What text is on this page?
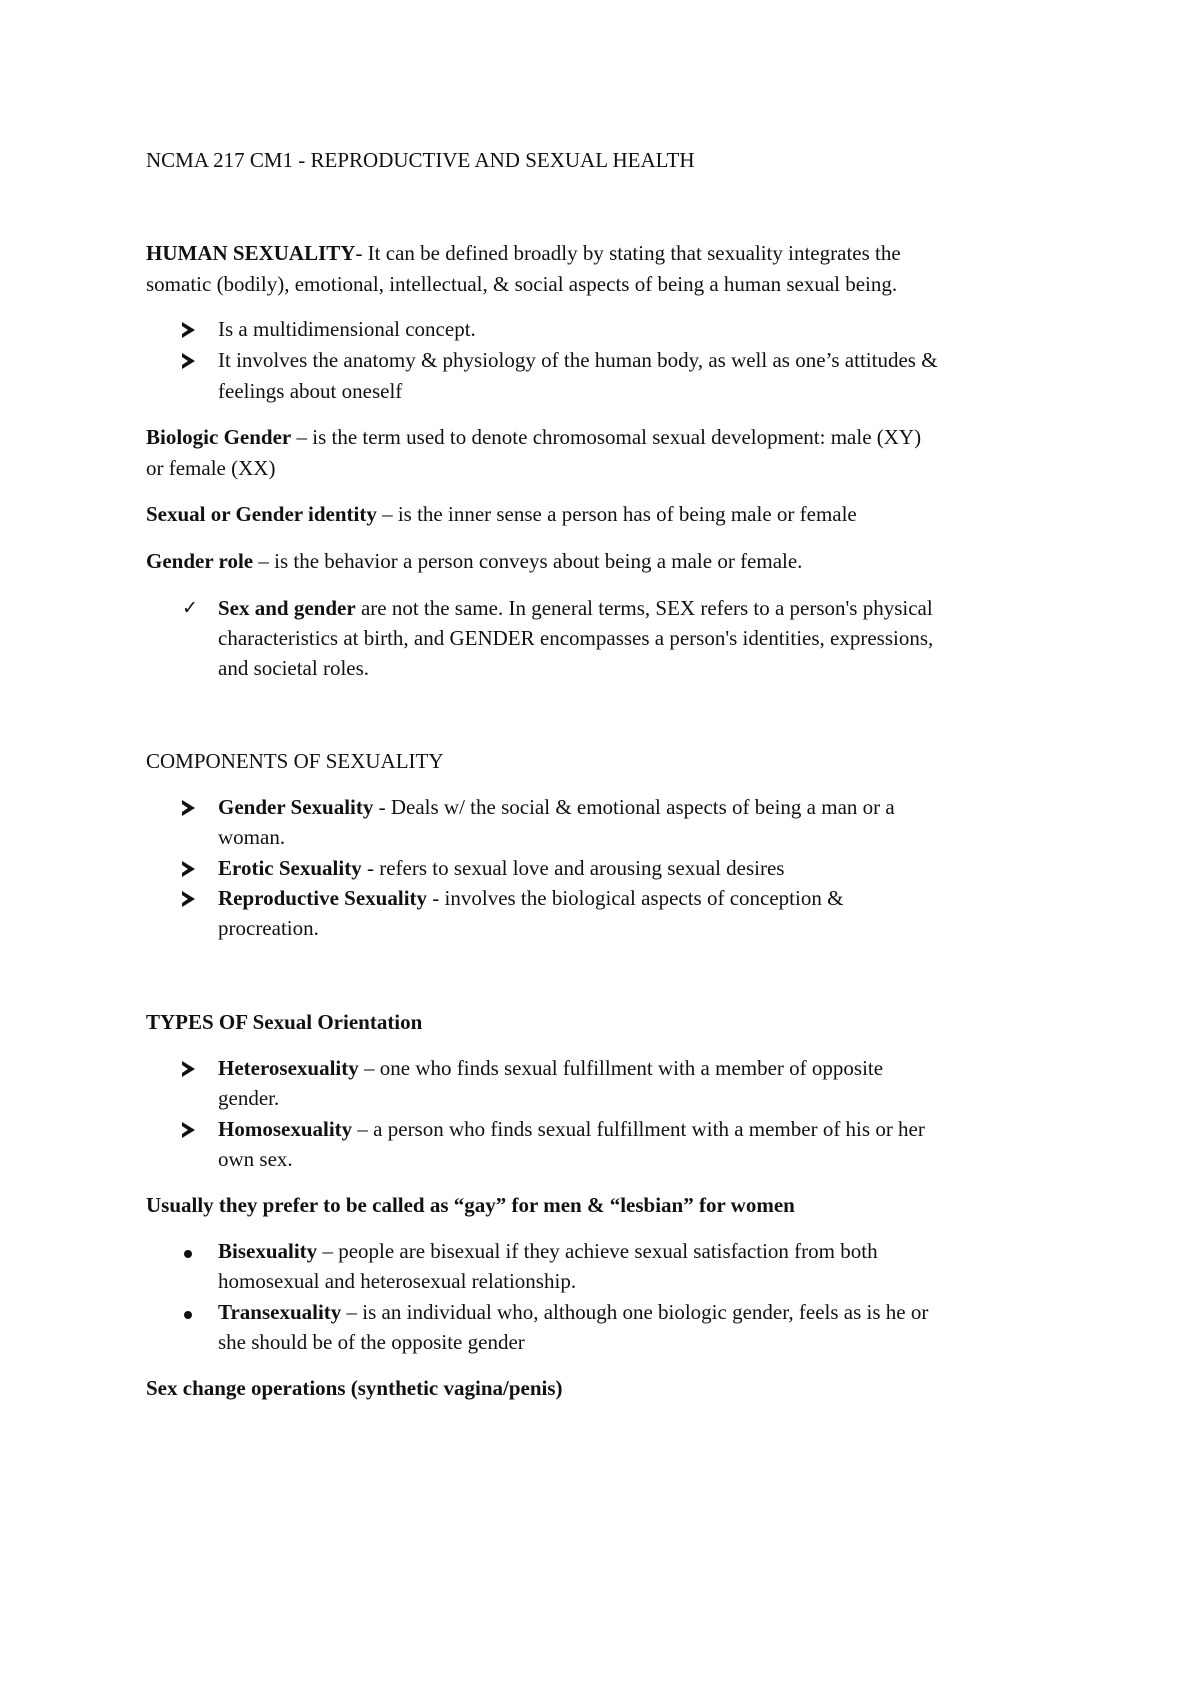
NCMA 217 CM1 - REPRODUCTIVE AND SEXUAL HEALTH
HUMAN SEXUALITY- It can be defined broadly by stating that sexuality integrates the
somatic (bodily), emotional, intellectual, & social aspects of being a human sexual being.
Is a multidimensional concept.
It involves the anatomy & physiology of the human body, as well as one’s attitudes &
feelings about oneself
Biologic Gender – is the term used to denote chromosomal sexual development: male (XY)
or female (XX)
Sexual or Gender identity – is the inner sense a person has of being male or female
Gender role – is the behavior a person conveys about being a male or female.
✓ Sex and gender are not the same. In general terms, SEX refers to a person's physical
characteristics at birth, and GENDER encompasses a person's identities, expressions,
and societal roles.
COMPONENTS OF SEXUALITY
Gender Sexuality - Deals w/ the social & emotional aspects of being a man or a
woman.
Erotic Sexuality - refers to sexual love and arousing sexual desires
Reproductive Sexuality - involves the biological aspects of conception &
procreation.
TYPES OF Sexual Orientation
Heterosexuality – one who finds sexual fulfillment with a member of opposite
gender.
Homosexuality – a person who finds sexual fulfillment with a member of his or her
own sex.
Usually they prefer to be called as “gay” for men & “lesbian” for women
Bisexuality – people are bisexual if they achieve sexual satisfaction from both
homosexual and heterosexual relationship.
Transexuality – is an individual who, although one biologic gender, feels as is he or
she should be of the opposite gender
Sex change operations (synthetic vagina/penis)
